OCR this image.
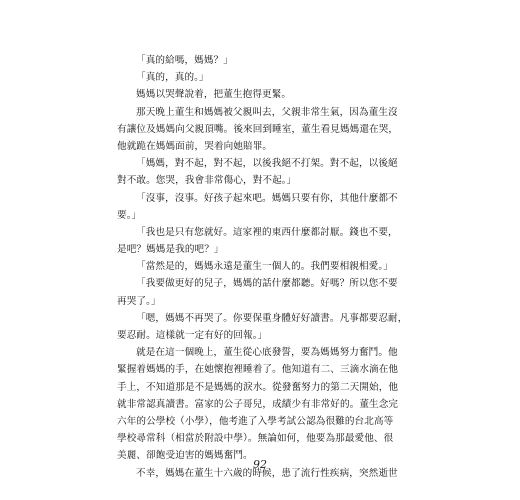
「真的給嗎，媽媽？」
「真的，真的。」
媽媽以哭聲說着，把董生抱得更緊。
那天晚上董生和媽媽被父親叫去，父親非常生氣，因為董生沒
有讓位及媽媽向父親頂嘴。後來回到睡室，董生看見媽媽還在哭，
他就跪在媽媽面前，哭着向她賠罪。
「媽媽，對不起，對不起，以後我絕不打架。對不起，以後絕
對不敢。您哭，我會非常傷心，對不起。」
「沒事，沒事。好孩子起來吧。媽媽只要有你，其他什麼都不
要。」
「我也是只有您就好。這家裡的東西什麼都討厭。錢也不要，
是吧？媽媽是我的吧？」
「當然是的，媽媽永遠是董生一個人的。我們要相親相愛。」
「我要做更好的兒子，媽媽的話什麼都聽。好嗎？所以您不要
再哭了。」
「嗯，媽媽不再哭了。你要保重身體好好讀書。凡事都要忍耐，
要忍耐。這樣就一定有好的回報。」
就是在這一個晚上，董生從心底發誓，要為媽媽努力奮鬥。他
緊握着媽媽的手，在她懷抱裡睡着了。他知道有二、三滴水滴在他
手上，不知道那是不是媽媽的淚水。從發奮努力的第二天開始，他
就非常認真讀書。富家的公子哥兒，成績少有非常好的。董生念完
六年的公學校（小學），他考進了入學考試公認為很難的台北高等
學校尋常科（相當於附設中學）。無論如何，他要為那最愛他、很
美麗、卻飽受迫害的媽媽奮鬥。
不幸，媽媽在董生十六歲的時候，患了流行性疾病，突然逝世
92
